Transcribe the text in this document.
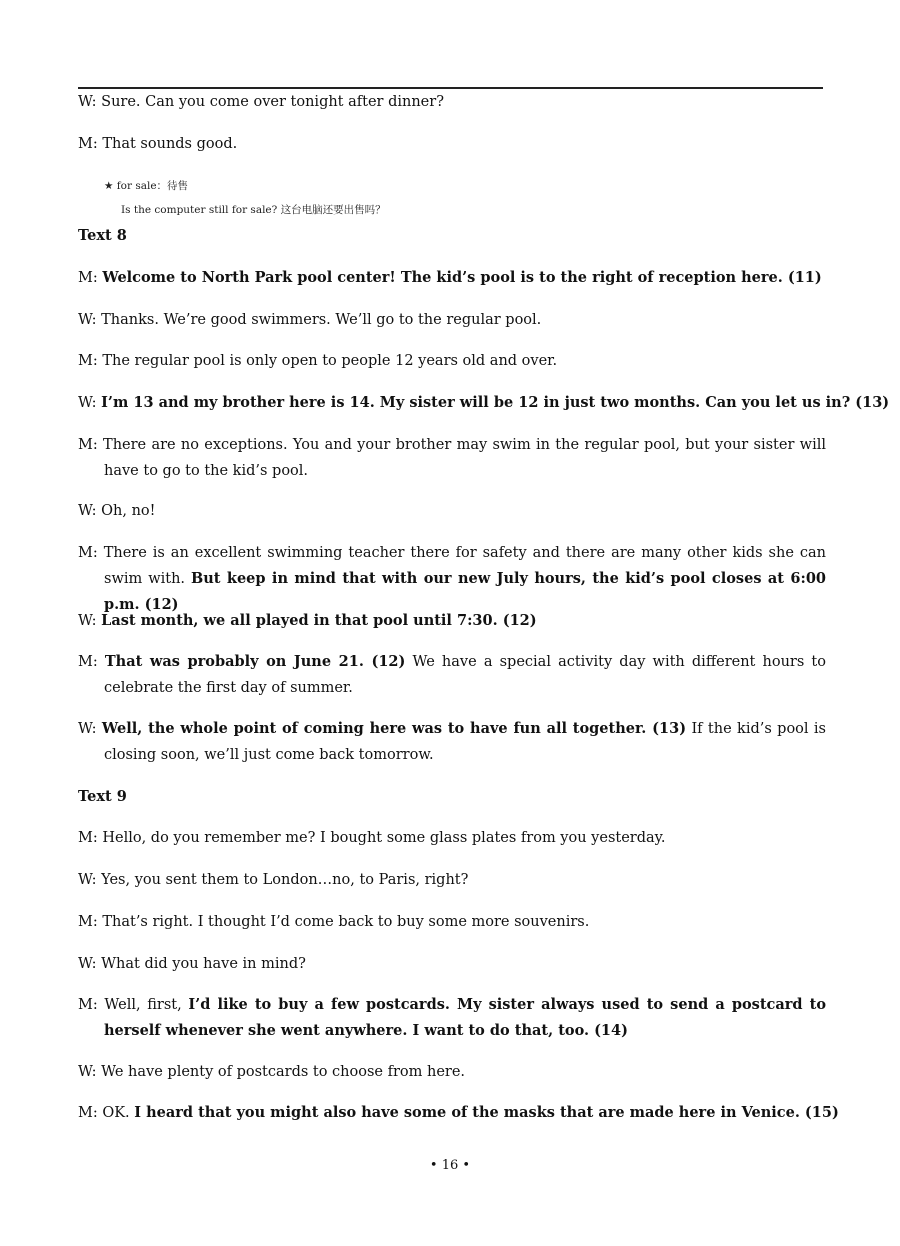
W: Sure. Can you come over tonight after dinner?
M: That sounds good.
★ for sale：待售
Is the computer still for sale? 这台电脑还要出售吗？
Text 8
M: Welcome to North Park pool center! The kid’s pool is to the right of reception here. (11)
W: Thanks. We’re good swimmers. We’ll go to the regular pool.
M: The regular pool is only open to people 12 years old and over.
W: I’m 13 and my brother here is 14. My sister will be 12 in just two months. Can you let us in? (13)
M: There are no exceptions. You and your brother may swim in the regular pool, but your sister will have to go to the kid’s pool.
W: Oh, no!
M: There is an excellent swimming teacher there for safety and there are many other kids she can swim with. But keep in mind that with our new July hours, the kid’s pool closes at 6:00 p.m. (12)
W: Last month, we all played in that pool until 7:30. (12)
M: That was probably on June 21. (12) We have a special activity day with different hours to celebrate the first day of summer.
W: Well, the whole point of coming here was to have fun all together. (13) If the kid’s pool is closing soon, we’ll just come back tomorrow.
Text 9
M: Hello, do you remember me? I bought some glass plates from you yesterday.
W: Yes, you sent them to London…no, to Paris, right?
M: That’s right. I thought I’d come back to buy some more souvenirs.
W: What did you have in mind?
M: Well, first, I’d like to buy a few postcards. My sister always used to send a postcard to herself whenever she went anywhere. I want to do that, too. (14)
W: We have plenty of postcards to choose from here.
M: OK. I heard that you might also have some of the masks that are made here in Venice. (15)
• 16 •
